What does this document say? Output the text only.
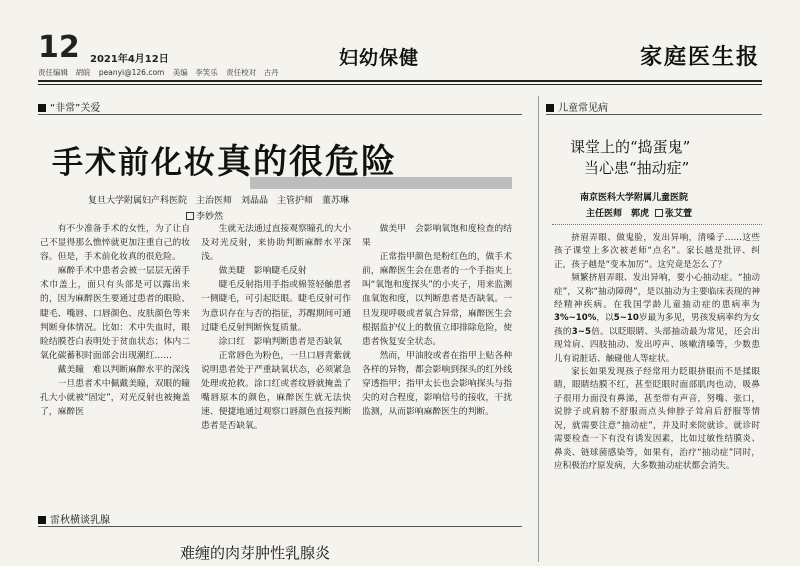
12 2021年4月12日
责任编辑　胡皖 peanyi@126.com 美编　李笑乐 责任校对　古丹
妇幼保健	家庭医生报
“非常”关爱
手术前化妆真的很危险
复旦大学附属妇产科医院　主治医师　刘晶晶　主管护师　董苏琳
李妙然

有不少准备手术的女性，为了让自己不显得那么憔悴就更加注重自己的妆容。但是，手术前化妆真的很危险。

麻醉手术中患者会被一层层无菌手术巾盖上，面只有头部是可以露出来的，因为麻醉医生要通过患者的眼睑、睫毛、嘴唇、口唇颜色、皮肤颜色等来判断身体情况。比如：术中失血时，眼睑结膜苍白表明处于贫血状态；体内二氧化碳蓄积时面部会出现潮红……

戴美瞳　难以判断麻醉水平的深浅

一旦患者术中佩戴美瞳，双眼的瞳孔大小就被“固定”，对光反射也被掩盖了，麻醉医

生就无法通过直接观察瞳孔的大小及对光反射，来协助判断麻醉水平深浅。

做美睫　影响睫毛反射

睫毛反射指用手指或棉签轻触患者一侧睫毛，可引起眨眼。睫毛反射可作为意识存在与否的指征，苏醒期间可通过睫毛反射判断恢复质量。

涂口红　影响判断患者是否缺氧

正常唇色为粉色，一旦口唇青紫就说明患者处于严重缺氧状态，必须紧急处理或抢救。涂口红或者纹唇就掩盖了嘴唇原本的颜色，麻醉医生就无法快速、便捷地通过观察口唇颜色直接判断患者是否缺氧。

做美甲　会影响氧饱和度检查的结果

正常指甲颜色是粉红色的，做手术前，麻醉医生会在患者的一个手指夹上叫“氧饱和度探头”的小夹子，用来监测血氧饱和度，以判断患者是否缺氧。一旦发现呼吸或者氧合异常，麻醉医生会根据监护仪上的数值立即排除危险，使患者恢复安全状态。

然而，甲油胶或者在指甲上贴各种各样的异物，都会影响到探头的红外线穿透指甲；指甲太长也会影响探头与指尖的对合程度，影响信号的接收，干扰监测，从而影响麻醉医生的判断。

儿童常见病
课堂上的“捣蛋鬼”
当心患“抽动症”
南京医科大学附属儿童医院
主任医师　郭虎 张艾萱

挤眉弄眼、做鬼脸，发出异响，清嗓子……这些孩子课堂上多次被老师“点名”。家长越是批评、纠正，孩子越是“变本加厉”。这究竟是怎么了？

频繁挤眉弄眼、发出异响，要小心抽动症。“抽动症”，又称“抽动障碍”，是以抽动为主要临床表现的神经精神疾病。在我国学龄儿童抽动症的患病率为3%~10%，以5~10岁最为多见，男孩发病率约为女孩的3~5倍。以眨眼睛、头部抽动最为常见，还会出现耸肩、四肢抽动、发出哼声、咳嗽清嗓等，少数患儿有说脏话、触碰他人等症状。

家长如果发现孩子经常用力眨眼挤眼而不是揉眼睛，眼睛结膜不红，甚至眨眼时面部肌肉也动，吸鼻子很用力面没有鼻涕，甚至带有声音，努嘴、张口，说脖子或肩膀不舒服而点头伸脖子耸肩后舒服等情况，就需要注意“抽动症”，并及时来院就诊。就诊时需要检查一下有没有诱发因素，比如过敏性结膜炎、鼻炎、链球菌感染等，如果有，治疗“抽动症”同时，应积极治疗原发病，大多数抽动症状都会消失。

雷秋横谈乳腺
难缠的肉芽肿性乳腺炎
